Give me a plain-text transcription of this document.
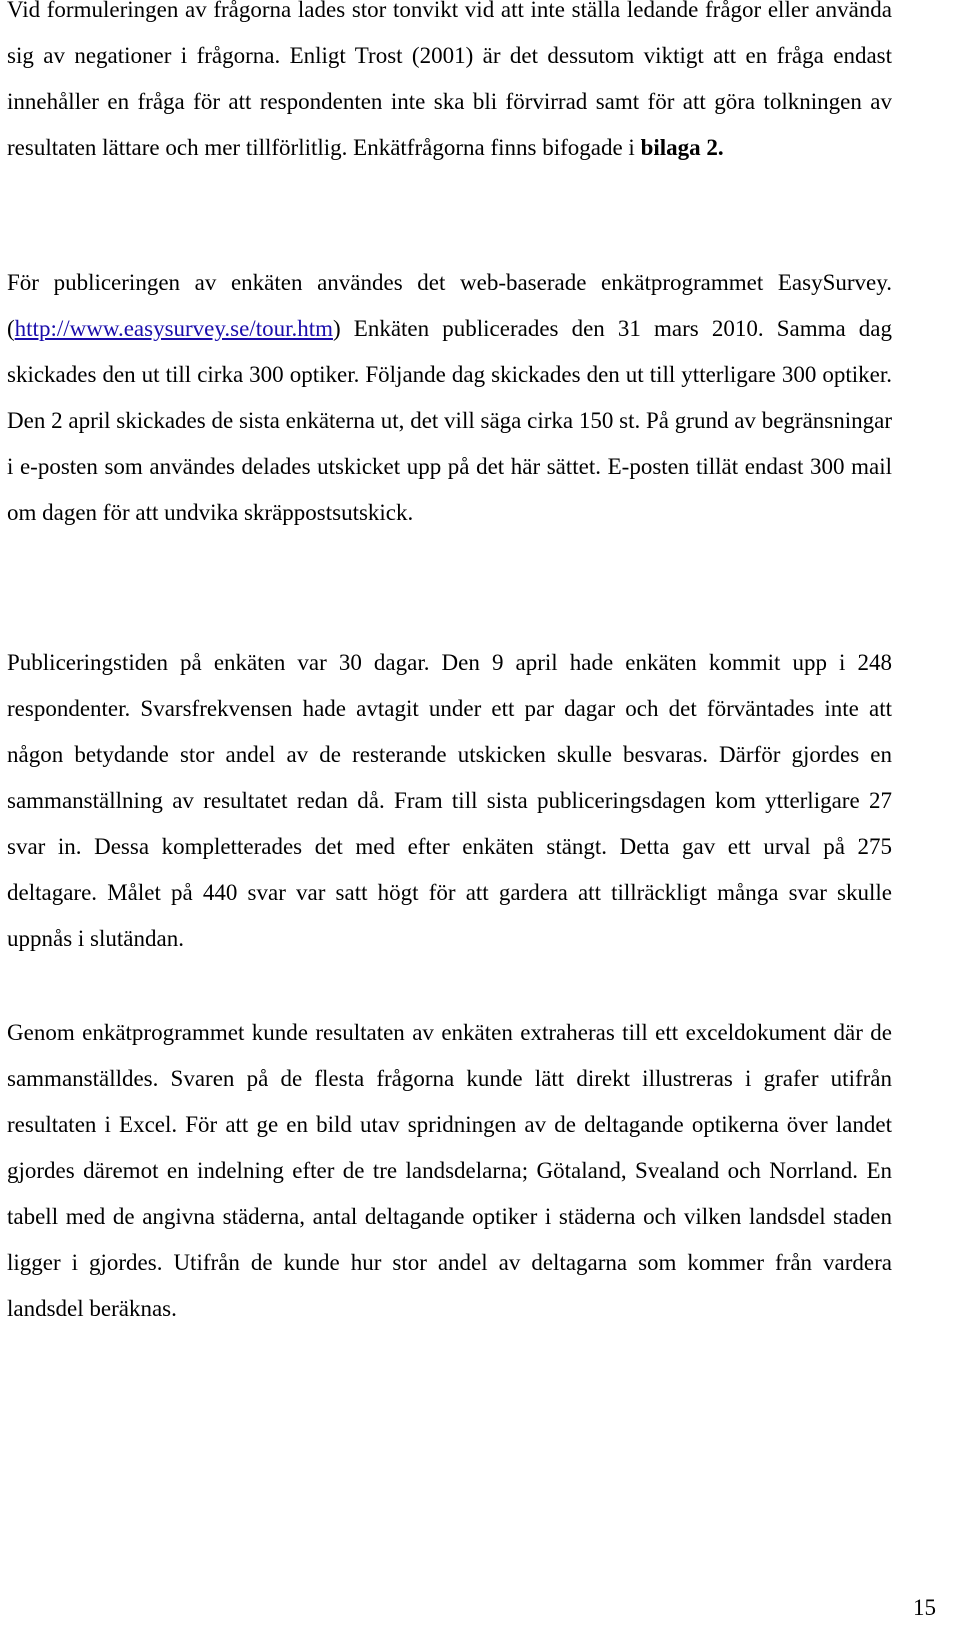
Vid formuleringen av frågorna lades stor tonvikt vid att inte ställa ledande frågor eller använda sig av negationer i frågorna. Enligt Trost (2001) är det dessutom viktigt att en fråga endast innehåller en fråga för att respondenten inte ska bli förvirrad samt för att göra tolkningen av resultaten lättare och mer tillförlitlig. Enkätfrågorna finns bifogade i bilaga 2.

För publiceringen av enkäten användes det web-baserade enkätprogrammet EasySurvey. (http://www.easysurvey.se/tour.htm) Enkäten publicerades den 31 mars 2010. Samma dag skickades den ut till cirka 300 optiker. Följande dag skickades den ut till ytterligare 300 optiker. Den 2 april skickades de sista enkäterna ut, det vill säga cirka 150 st. På grund av begränsningar i e-posten som användes delades utskicket upp på det här sättet. E-posten tillät endast 300 mail om dagen för att undvika skräppostsutskick.

Publiceringstiden på enkäten var 30 dagar. Den 9 april hade enkäten kommit upp i 248 respondenter. Svarsfrekvensen hade avtagit under ett par dagar och det förväntades inte att någon betydande stor andel av de resterande utskicken skulle besvaras. Därför gjordes en sammanställning av resultatet redan då. Fram till sista publiceringsdagen kom ytterligare 27 svar in. Dessa kompletterades det med efter enkäten stängt. Detta gav ett urval på 275 deltagare. Målet på 440 svar var satt högt för att gardera att tillräckligt många svar skulle uppnås i slutändan.

Genom enkätprogrammet kunde resultaten av enkäten extraheras till ett exceldokument där de sammanställdes. Svaren på de flesta frågorna kunde lätt direkt illustreras i grafer utifrån resultaten i Excel. För att ge en bild utav spridningen av de deltagande optikerna över landet gjordes däremot en indelning efter de tre landsdelarna; Götaland, Svealand och Norrland. En tabell med de angivna städerna, antal deltagande optiker i städerna och vilken landsdel staden ligger i gjordes. Utifrån de kunde hur stor andel av deltagarna som kommer från vardera landsdel beräknas.

15
